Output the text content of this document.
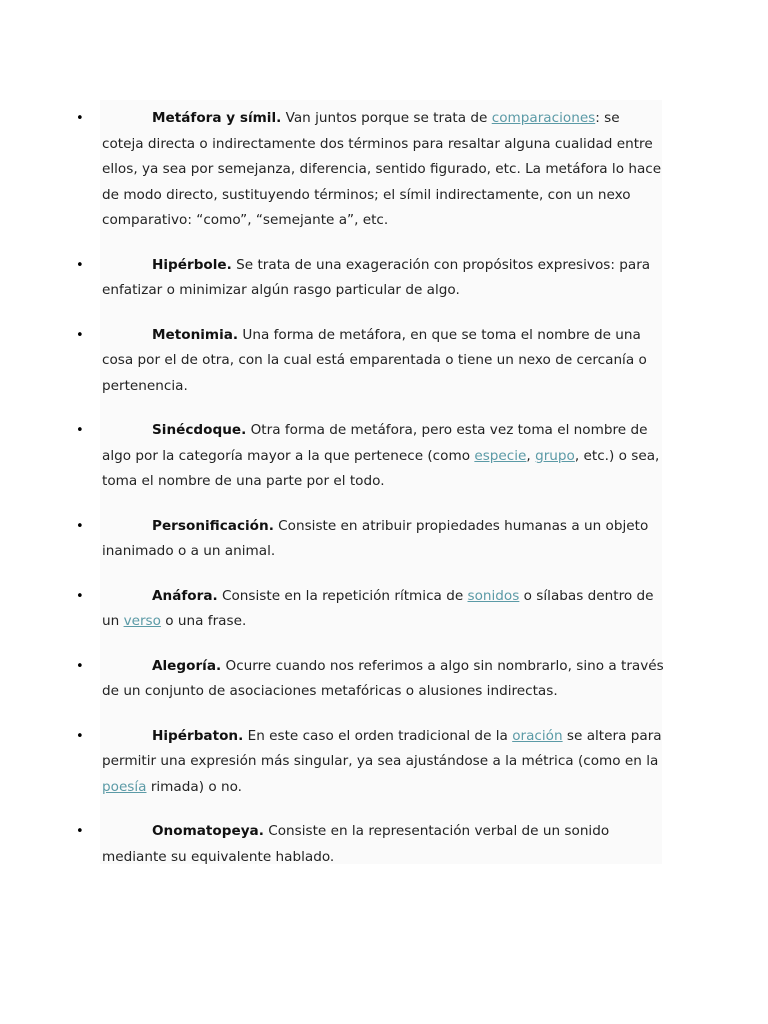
•	Metáfora y símil. Van juntos porque se trata de comparaciones: se coteja directa o indirectamente dos términos para resaltar alguna cualidad entre ellos, ya sea por semejanza, diferencia, sentido figurado, etc. La metáfora lo hace de modo directo, sustituyendo términos; el símil indirectamente, con un nexo comparativo: “como”, “semejante a”, etc.
•	Hipérbole. Se trata de una exageración con propósitos expresivos: para enfatizar o minimizar algún rasgo particular de algo.
•	Metonimia. Una forma de metáfora, en que se toma el nombre de una cosa por el de otra, con la cual está emparentada o tiene un nexo de cercanía o pertenencia.
•	Sinécdoque. Otra forma de metáfora, pero esta vez toma el nombre de algo por la categoría mayor a la que pertenece (como especie, grupo, etc.) o sea, toma el nombre de una parte por el todo.
•	Personificación. Consiste en atribuir propiedades humanas a un objeto inanimado o a un animal.
•	Anáfora. Consiste en la repetición rítmica de sonidos o sílabas dentro de un verso o una frase.
•	Alegoría. Ocurre cuando nos referimos a algo sin nombrarlo, sino a través de un conjunto de asociaciones metafóricas o alusiones indirectas.
•	Hipérbaton. En este caso el orden tradicional de la oración se altera para permitir una expresión más singular, ya sea ajustándose a la métrica (como en la poesía rimada) o no.
•	Onomatopeya. Consiste en la representación verbal de un sonido mediante su equivalente hablado.
